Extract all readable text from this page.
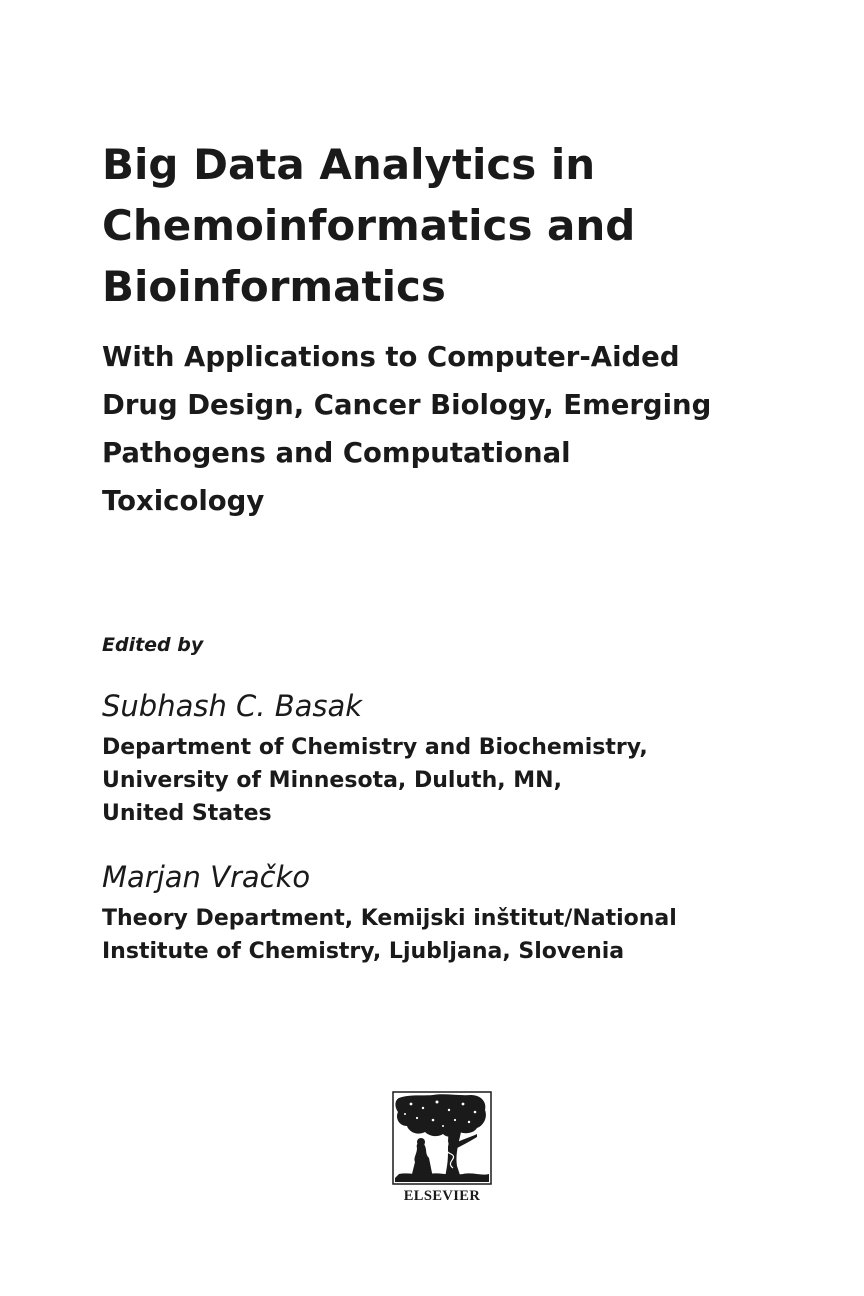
Big Data Analytics in
Chemoinformatics and
Bioinformatics
With Applications to Computer-Aided
Drug Design, Cancer Biology, Emerging
Pathogens and Computational
Toxicology

Edited by

Subhash C. Basak

Department of Chemistry and Biochemistry,
University of Minnesota, Duluth, MN,
United States

Marjan Vračko

Theory Department, Kemijski inštitut/National
Institute of Chemistry, Ljubljana, Slovenia

ELSEVIER
